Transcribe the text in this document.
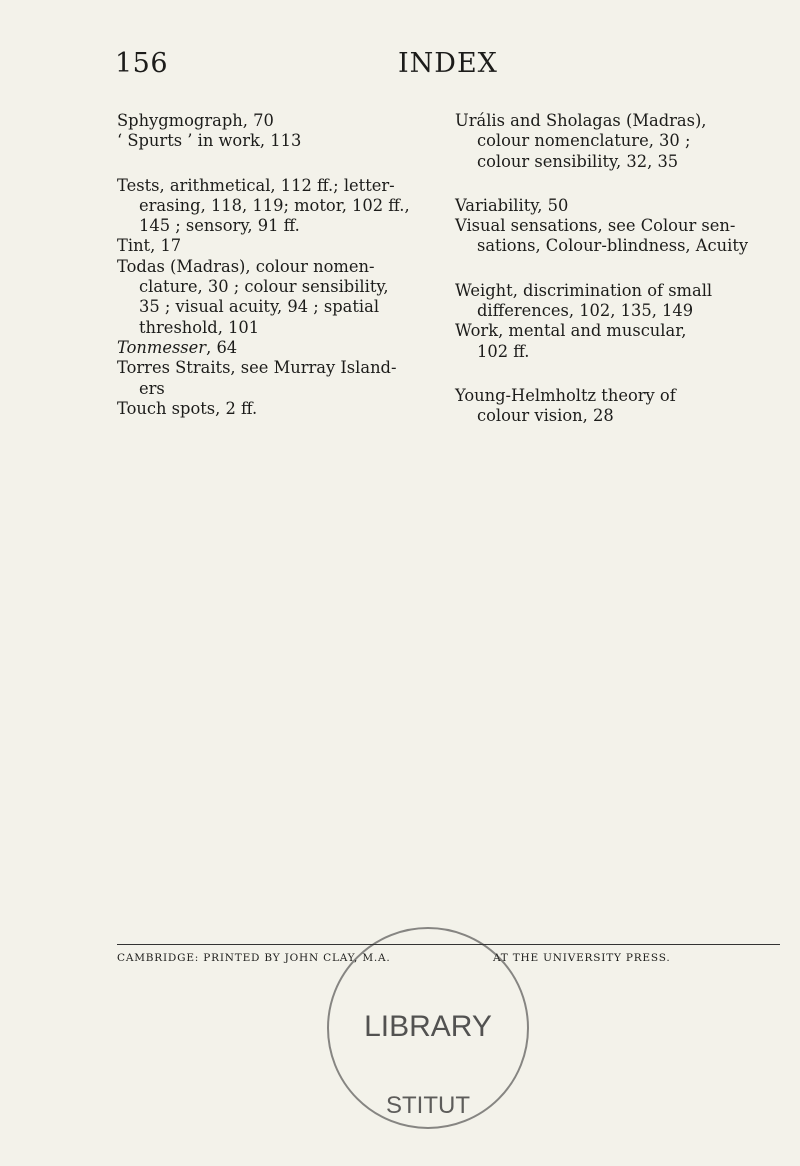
156	INDEX

Sphygmograph, 70

‘ Spurts ’ in work, 113

Tests, arithmetical, 112 ff.; letter-
erasing, 118, 119; motor, 102 ff.,
145 ; sensory, 91 ff.

Tint, 17

Todas (Madras), colour nomen-
clature, 30 ; colour sensibility,
35 ; visual acuity, 94 ; spatial
threshold, 101

Tonmesser, 64

Torres Straits, see Murray Island-
ers

Touch spots, 2 ff.

Urális and Sholagas (Madras),
colour nomenclature, 30 ;
colour sensibility, 32, 35

Variability, 50

Visual sensations, see Colour sen-
sations, Colour-blindness, Acuity

Weight, discrimination of small
differences, 102, 135, 149

Work, mental and muscular,
102 ff.

Young-Helmholtz theory of
colour vision, 28

CAMBRIDGE: PRINTED BY JOHN CLAY, M.A.	AT THE UNIVERSITY PRESS.
LIBRARY
STITUT
